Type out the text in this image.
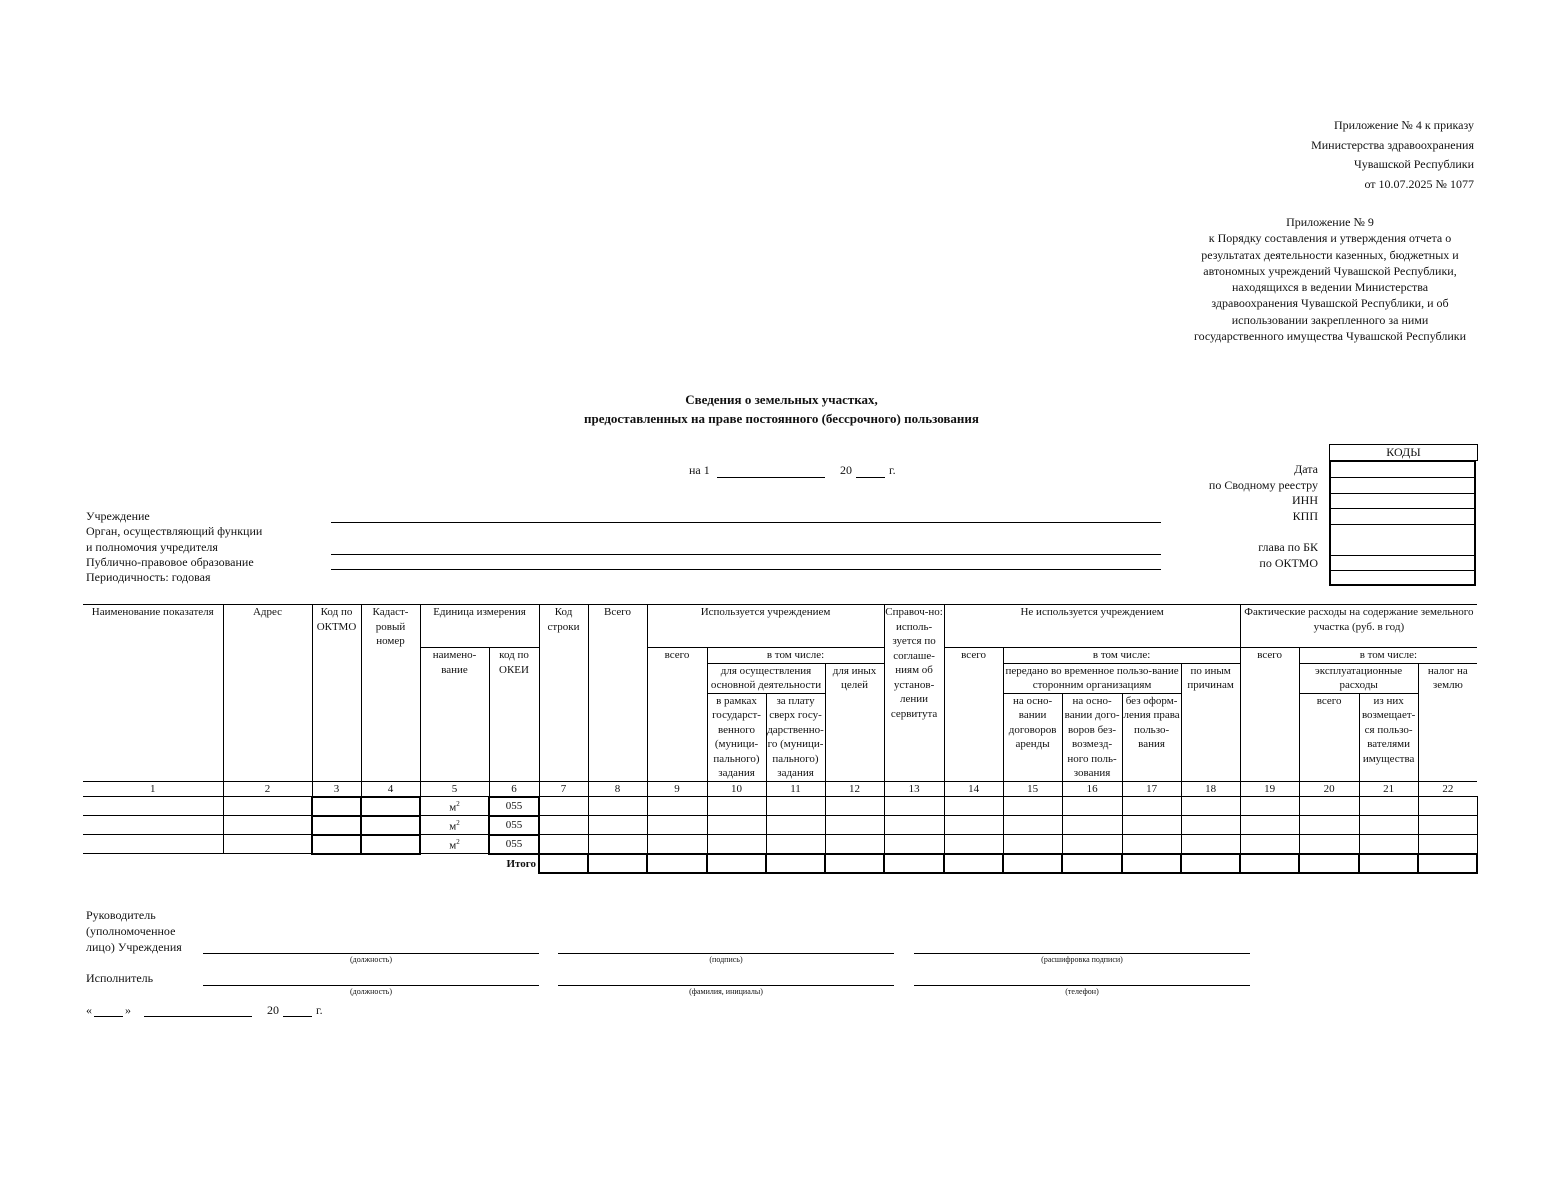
Приложение № 4 к приказу
Министерства здравоохранения
Чувашской Республики
от 10.07.2025 № 1077
Приложение № 9
к Порядку составления и утверждения отчета о
результатах деятельности казенных, бюджетных и
автономных учреждений Чувашской Республики,
находящихся в ведении Министерства
здравоохранения Чувашской Республики, и об
использовании закрепленного за ними
государственного имущества Чувашской Республики
Сведения о земельных участках,
предоставленных на праве постоянного (бессрочного) пользования
на 1	20	г.	Дата
по Сводному реестру
ИНН
КПП
глава по БК
по ОКТМО
КОДЫ
Учреждение
Орган, осуществляющий функции
и полномочия учредителя
Публично-правовое образование
Периодичность: годовая
Наименование показателя	Адрес	Код по ОКТМО	Кадаст-ровый номер	Единица измерения		Код строки	Всего	Используется учреждением				Справоч-но: исполь-зуется по соглаше-ниям об установ-лении сервитута	Не используется учреждением					Фактические расходы на содержание земельного участка (руб. в год)			
				наимено-вание	код по ОКЕИ			всего	в том числе:				всего	в том числе:				всего	в том числе:		
									для осуществления основной деятельности		для иных целей			передано во временное пользо-вание сторонним организациям			по иным причинам		эксплуатационные расходы		налог на землю
									в рамках государст-венного (муници-пального) задания	за плату сверх госу-дарственно-го (муници-пального) задания				на осно-вании договоров аренды	на осно-вании дого-воров без-возмезд-ного поль-зования	без оформ-ления права пользо-вания			всего	из них возмещает-ся пользо-вателями имущества	
1	2	3	4	5	6	7	8	9	10	11	12	13	14	15	16	17	18	19	20	21	22
				$м^2$	055																
				$м^2$	055																
				$м^2$	055																
Итого																					
Руководитель
(уполномоченное
лицо) Учреждения
(должность)	(подпись)	(расшифровка подписи)
Исполнитель
(должность)	(фамилия, инициалы)	(телефон)
«	»	20	г.
